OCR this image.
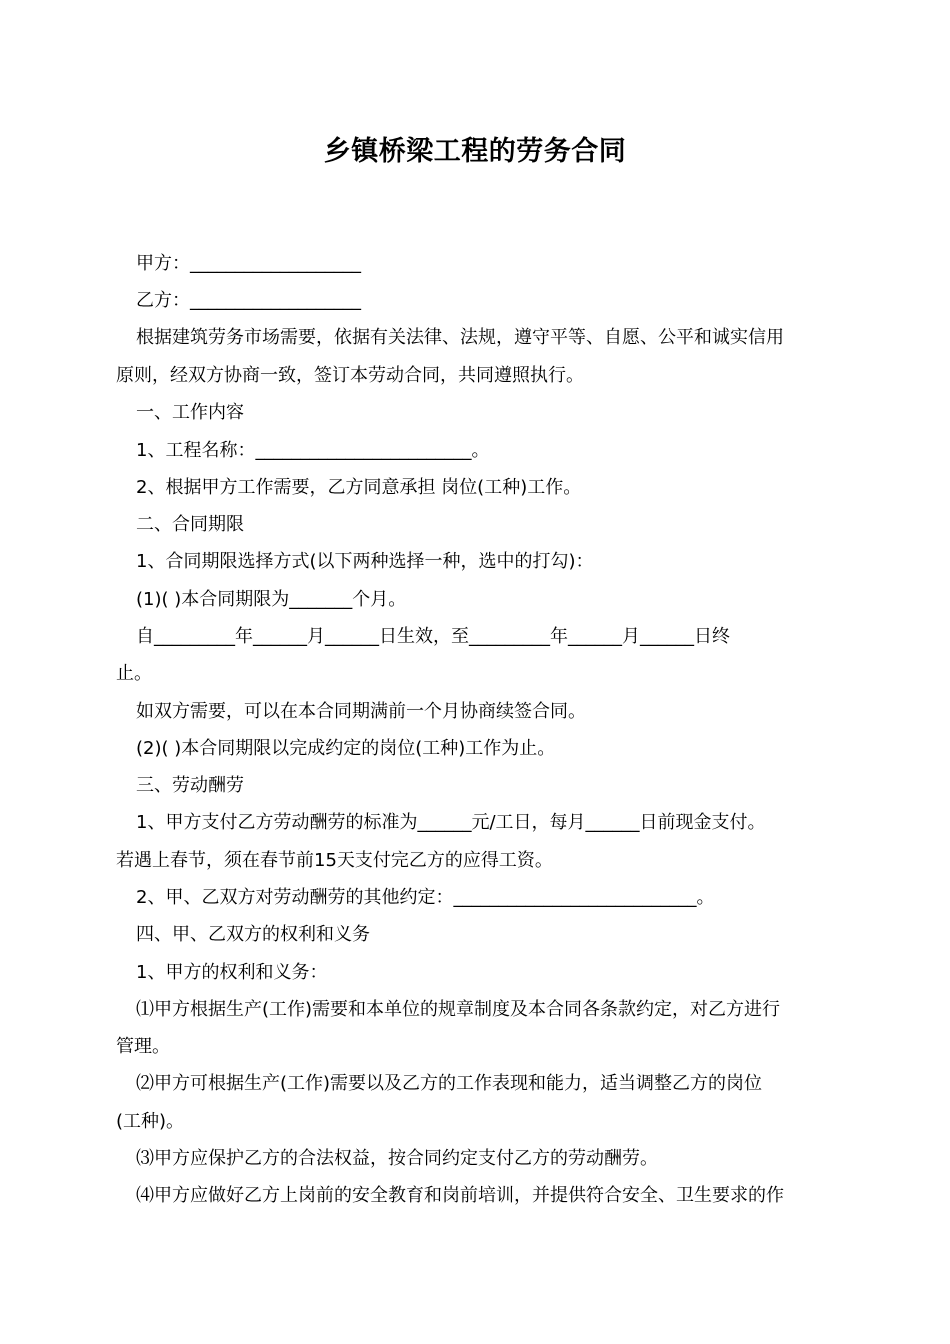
乡镇桥梁工程的劳务合同
甲方：___________________
乙方：___________________
根据建筑劳务市场需要，依据有关法律、法规，遵守平等、自愿、公平和诚实信用
原则，经双方协商一致，签订本劳动合同，共同遵照执行。
一、工作内容
1、工程名称：________________________。
2、根据甲方工作需要，乙方同意承担 岗位(工种)工作。
二、合同期限
1、合同期限选择方式(以下两种选择一种，选中的打勾)：
(1)( )本合同期限为_______个月。
自_________年______月______日生效，至_________年______月______日终
止。
如双方需要，可以在本合同期满前一个月协商续签合同。
(2)( )本合同期限以完成约定的岗位(工种)工作为止。
三、劳动酬劳
1、甲方支付乙方劳动酬劳的标准为______元/工日，每月______日前现金支付。
若遇上春节，须在春节前15天支付完乙方的应得工资。
2、甲、乙双方对劳动酬劳的其他约定：___________________________。
四、甲、乙双方的权利和义务
1、甲方的权利和义务：
⑴甲方根据生产(工作)需要和本单位的规章制度及本合同各条款约定，对乙方进行
管理。
⑵甲方可根据生产(工作)需要以及乙方的工作表现和能力，适当调整乙方的岗位
(工种)。
⑶甲方应保护乙方的合法权益，按合同约定支付乙方的劳动酬劳。
⑷甲方应做好乙方上岗前的安全教育和岗前培训，并提供符合安全、卫生要求的作
